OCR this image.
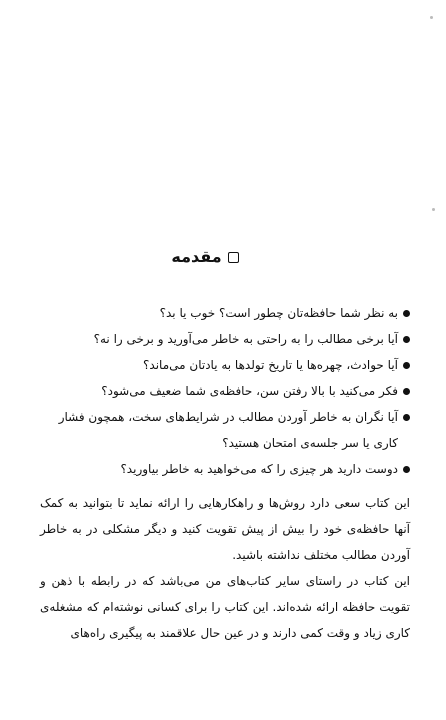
مقدمه
به نظر شما حافظه‌تان چطور است؟ خوب یا بد؟
آیا برخی مطالب را به راحتی به خاطر می‌آورید و برخی را نه؟
آیا حوادث، چهره‌ها یا تاریخ تولدها به یادتان می‌ماند؟
فکر می‌کنید با بالا رفتن سن، حافظه‌ی شما ضعیف می‌شود؟
آیا نگران به خاطر آوردن مطالب در شرایط‌های سخت، همچون فشار کاری یا سر جلسه‌ی امتحان هستید؟
دوست دارید هر چیزی را که می‌خواهید به خاطر بیاورید؟

این کتاب سعی دارد روش‌ها و راهکارهایی را ارائه نماید تا بتوانید به کمک آنها حافظه‌ی خود را بیش از پیش تقویت کنید و دیگر مشکلی در به خاطر آوردن مطالب مختلف نداشته باشید.

این کتاب در راستای سایر کتاب‌های من می‌باشد که در رابطه با ذهن و تقویت حافظه ارائه شده‌اند. این کتاب را برای کسانی نوشته‌ام که مشغله‌ی کاری زیاد و وقت کمی دارند و در عین حال علاقمند به پیگیری راه‌های
